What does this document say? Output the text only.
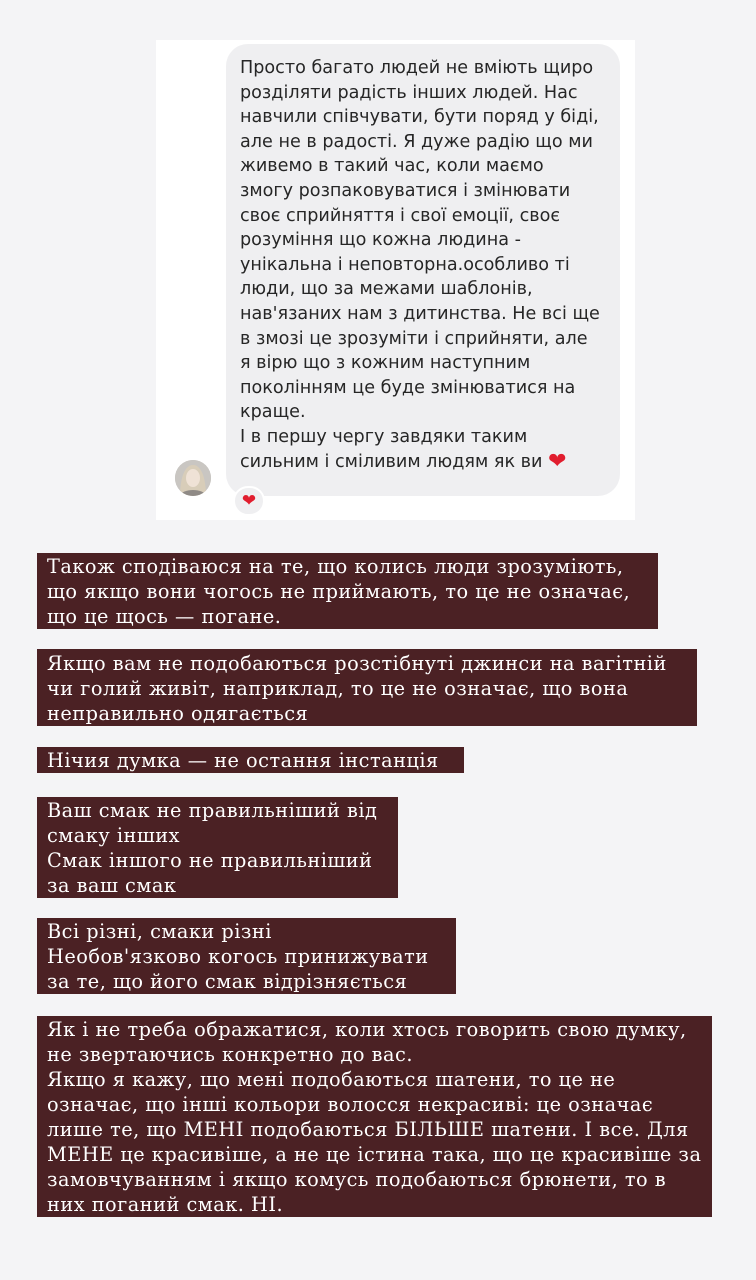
Просто багато людей не вміють щиро розділяти радість інших людей. Нас навчили співчувати, бути поряд у біді, але не в радості. Я дуже радію що ми живемо в такий час, коли маємо змогу розпаковуватися і змінювати своє сприйняття і свої емоції, своє розуміння що кожна людина - унікальна і неповторна.особливо ті люди, що за межами шаблонів, нав'язаних нам з дитинства. Не всі ще в змозі це зрозуміти і сприйняти, але я вірю що з кожним наступним поколінням це буде змінюватися на краще.
І в першу чергу завдяки таким сильним і сміливим людям як ви ❤

❤
Також сподіваюся на те, що колись люди зрозуміють, що якщо вони чогось не приймають, то це не означає, що це щось — погане.
Якщо вам не подобаються розстібнуті джинси на вагітній чи голий живіт, наприклад, то це не означає, що вона неправильно одягається
Нічия думка — не остання інстанція
Ваш смак не правильніший від смаку інших
Смак іншого не правильніший за ваш смак
Всі різні, смаки різні
Необов'язково когось принижувати за те, що його смак відрізняється
Як і не треба ображатися, коли хтось говорить свою думку, не звертаючись конкретно до вас.
Якщо я кажу, що мені подобаються шатени, то це не означає, що інші кольори волосся некрасиві: це означає лише те, що МЕНІ подобаються БІЛЬШЕ шатени. І все. Для МЕНЕ це красивіше, а не це істина така, що це красивіше за замовчуванням і якщо комусь подобаються брюнети, то в них поганий смак. НІ.
